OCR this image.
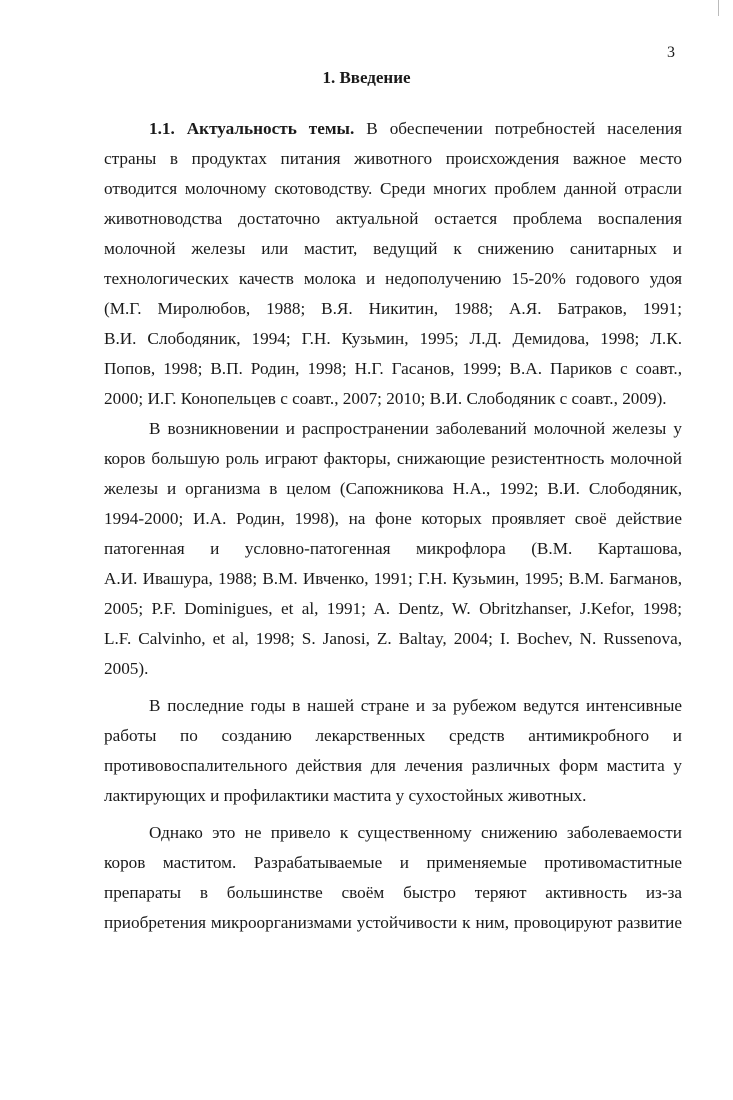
3
1. Введение
1.1. Актуальность темы. В обеспечении потребностей населения
страны в продуктах питания животного происхождения важное место
отводится молочному скотоводству. Среди многих проблем данной отрасли
животноводства достаточно актуальной остается проблема воспаления
молочной железы или мастит, ведущий к снижению санитарных и
технологических качеств молока и недополучению 15-20% годового удоя
(М.Г. Миролюбов, 1988; В.Я. Никитин, 1988; А.Я. Батраков, 1991;
В.И. Слободяник, 1994; Г.Н. Кузьмин, 1995; Л.Д. Демидова, 1998; Л.К.
Попов, 1998; В.П. Родин, 1998; Н.Г. Гасанов, 1999; В.А. Париков с соавт.,
2000; И.Г. Конопельцев с соавт., 2007; 2010; В.И. Слободяник с соавт., 2009).
В возникновении и распространении заболеваний молочной железы у
коров большую роль играют факторы, снижающие резистентность молочной
железы и организма в целом (Сапожникова Н.А., 1992; В.И. Слободяник,
1994-2000; И.А. Родин, 1998), на фоне которых проявляет своё действие
патогенная и условно-патогенная микрофлора (В.М. Карташова,
А.И. Ивашура, 1988; В.М. Ивченко, 1991; Г.Н. Кузьмин, 1995; В.М. Багманов,
2005; P.F. Dominigues, et al, 1991; A. Dentz, W. Obritzhanser, J.Kefor, 1998;
L.F. Calvinho, et al, 1998; S. Janosi, Z. Baltay, 2004; I. Bochev, N. Russenova,
2005).
В последние годы в нашей стране и за рубежом ведутся интенсивные
работы по созданию лекарственных средств антимикробного и
противовоспалительного действия для лечения различных форм мастита у
лактирующих и профилактики мастита у сухостойных животных.
Однако это не привело к существенному снижению заболеваемости
коров маститом. Разрабатываемые и применяемые противомаститные
препараты в большинстве своём быстро теряют активность из-за
приобретения микроорганизмами устойчивости к ним, провоцируют развитие
